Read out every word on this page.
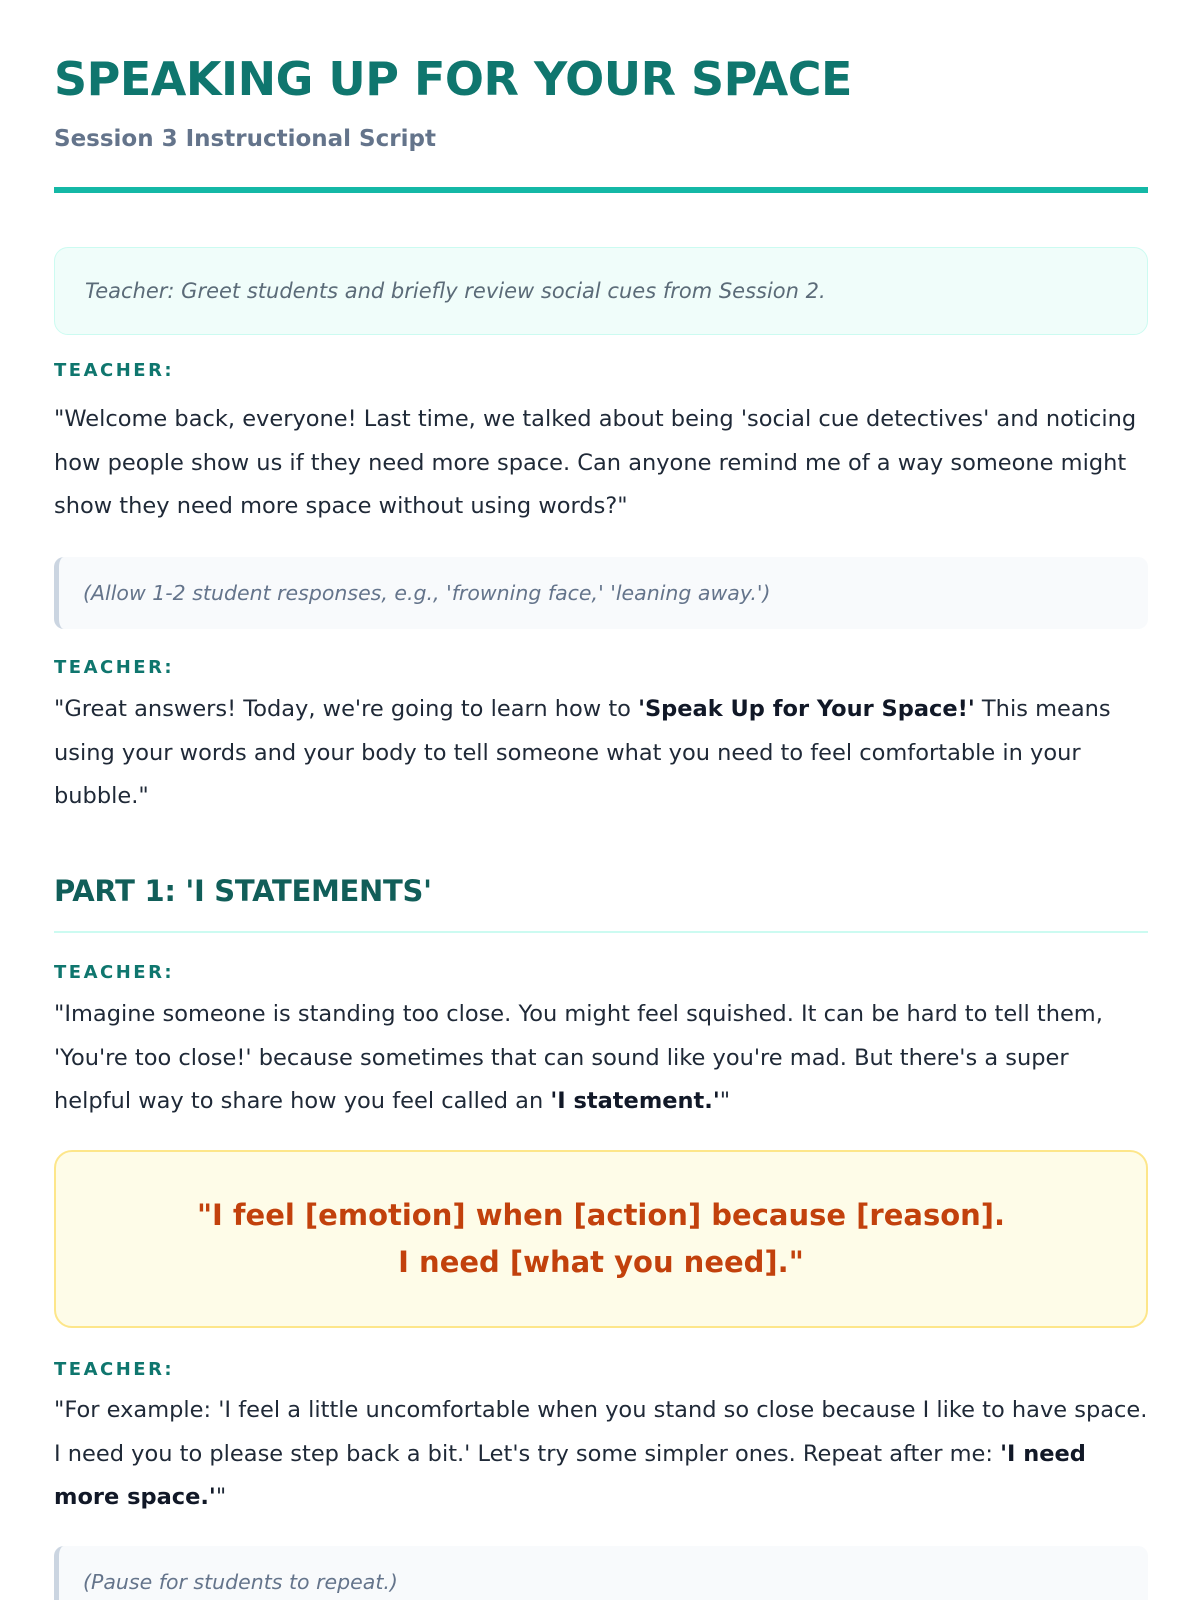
SPEAKING UP FOR YOUR SPACE
Session 3 Instructional Script
Teacher: Greet students and briefly review social cues from Session 2.
TEACHER:

"Welcome back, everyone! Last time, we talked about being 'social cue detectives' and noticing how people show us if they need more space. Can anyone remind me of a way someone might show they need more space without using words?"

(Allow 1-2 student responses, e.g., 'frowning face,' 'leaning away.')
TEACHER:

"Great answers! Today, we're going to learn how to 'Speak Up for Your Space!' This means using your words and your body to tell someone what you need to feel comfortable in your bubble."

PART 1: 'I STATEMENTS'
TEACHER:

"Imagine someone is standing too close. You might feel squished. It can be hard to tell them, 'You're too close!' because sometimes that can sound like you're mad. But there's a super helpful way to share how you feel called an 'I statement.'"

"I feel [emotion] when [action] because [reason].
I need [what you need]."
TEACHER:

"For example: 'I feel a little uncomfortable when you stand so close because I like to have space. I need you to please step back a bit.' Let's try some simpler ones. Repeat after me: 'I need more space.'"

(Pause for students to repeat.)
